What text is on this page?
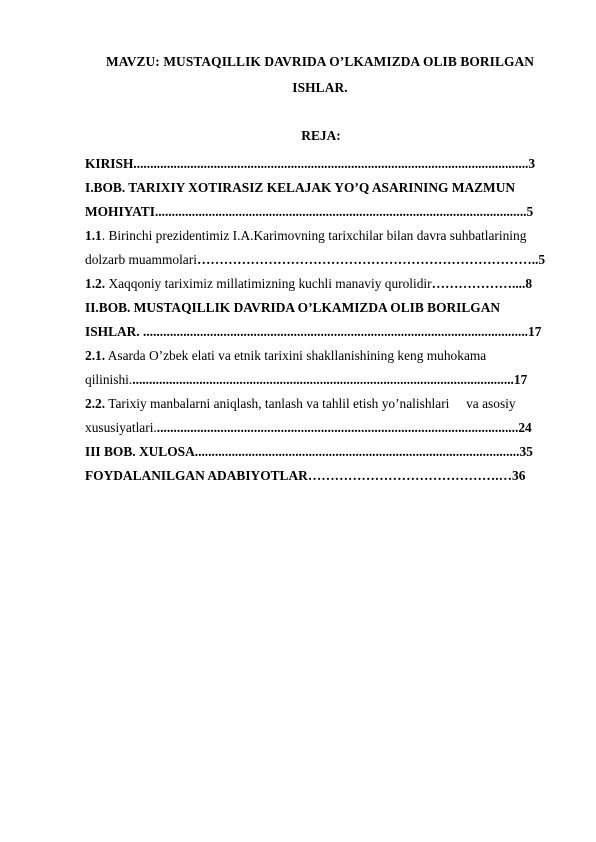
MAVZU: MUSTAQILLIK DAVRIDA O’LKAMIZDA OLIB BORILGAN
ISHLAR.
REJA:
KIRISH......................................................................................................................3
I.BOB. TARIXIY XOTIRASIZ KELAJAK YO’Q ASARINING MAZMUN
MOHIYATI...............................................................................................................5
1.1. Birinchi prezidentimiz I.A.Karimovning tarixchilar bilan davra suhbatlarining
dolzarb muammolari…………………………………………………………………..5
1.2. Xaqqoniy tariximiz millatimizning kuchli manaviy qurolidir………………....8
II.BOB. MUSTAQILLIK DAVRIDA O’LKAMIZDA OLIB BORILGAN
ISHLAR. ...................................................................................................................17
2.1. Asarda O’zbek elati va etnik tarixini shakllanishining keng muhokama
qilinishi...................................................................................................................17
2.2. Tarixiy manbalarni aniqlash, tanlash va tahlil etish yo’nalishlari     va asosiy
xususiyatlari.............................................................................................................24
III BOB. XULOSA.................................................................................................35
FOYDALANILGAN ADABIYOTLAR…………………………………….…36
